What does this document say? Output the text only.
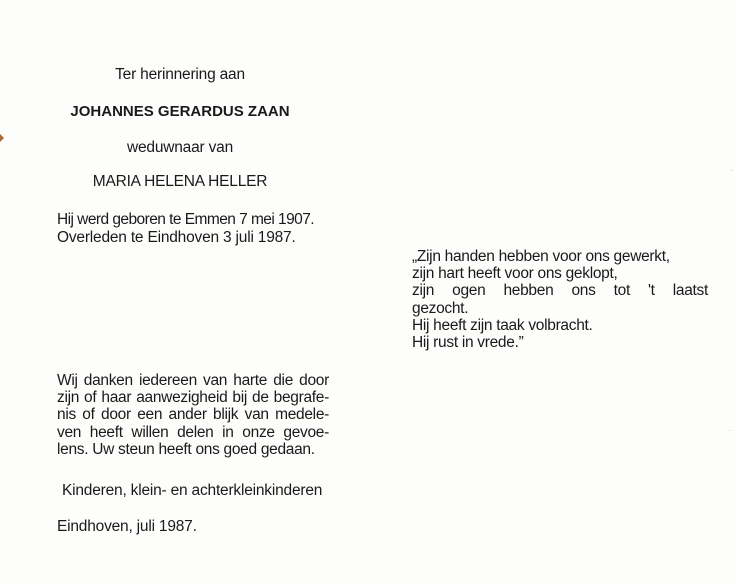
Ter herinnering aan
JOHANNES GERARDUS ZAAN
weduwnaar van
MARIA HELENA HELLER
Hij werd geboren te Emmen 7 mei 1907.
Overleden te Eindhoven 3 juli 1987.
„Zijn handen hebben voor ons gewerkt,
zijn hart heeft voor ons geklopt,
zijn ogen hebben ons tot 't laatst
gezocht.
Hij heeft zijn taak volbracht.
Hij rust in vrede.”
Wij danken iedereen van harte die door
zijn of haar aanwezigheid bij de begrafe-
nis of door een ander blijk van medele-
ven heeft willen delen in onze gevoe-
lens. Uw steun heeft ons goed gedaan.
Kinderen, klein- en achterkleinkinderen
Eindhoven, juli 1987.
